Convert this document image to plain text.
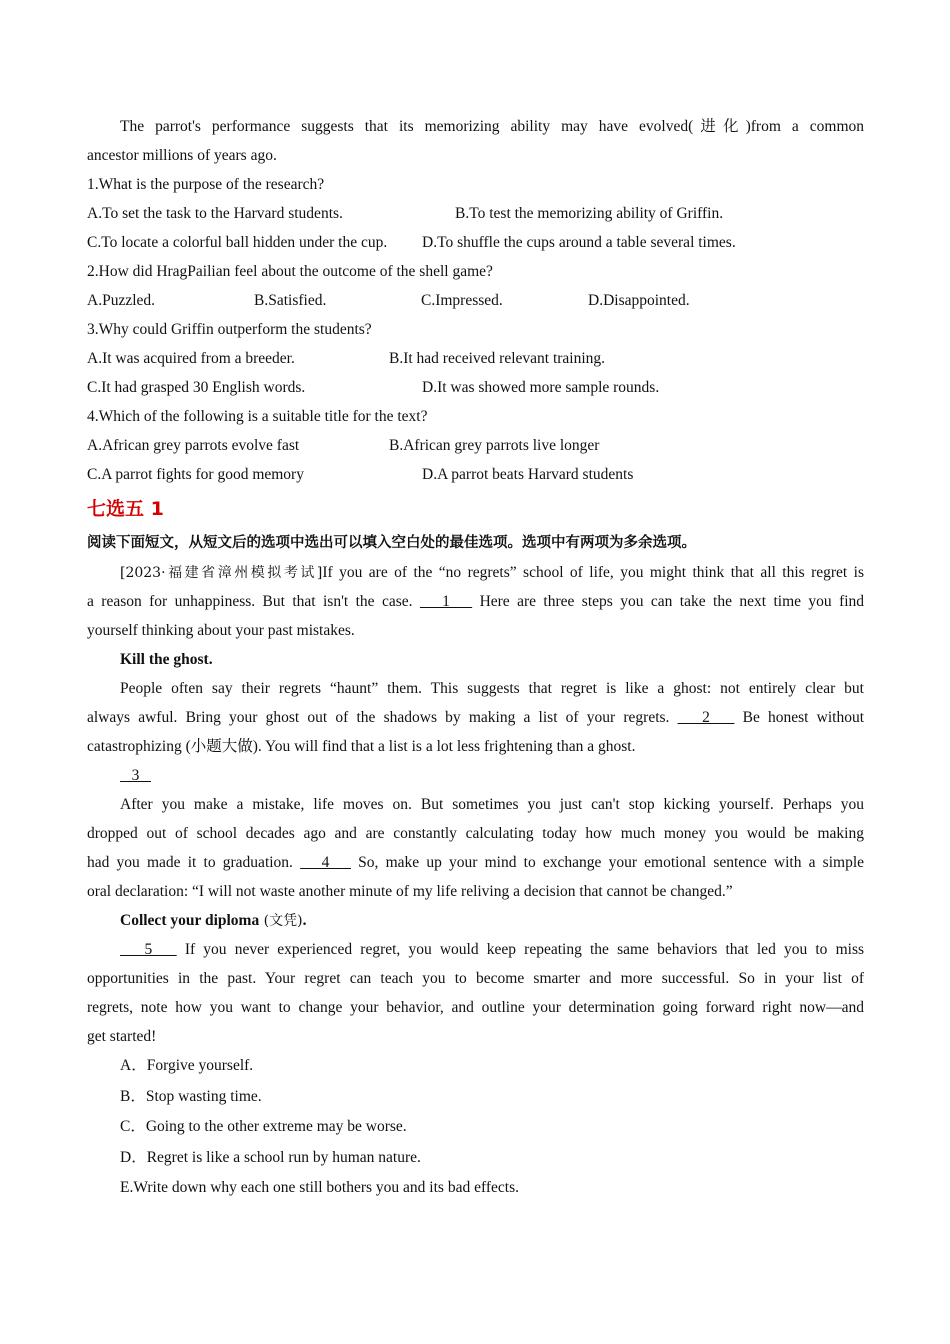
The parrot's performance suggests that its memorizing ability may have evolved(进化)from a common
ancestor millions of years ago.
1.What is the purpose of the research?
A.To set the task to the Harvard students.	B.To test the memorizing ability of Griffin.
C.To locate a colorful ball hidden under the cup.	D.To shuffle the cups around a table several times.
2.How did HragPailian feel about the outcome of the shell game?
A.Puzzled.	B.Satisfied.	C.Impressed.	D.Disappointed.
3.Why could Griffin outperform the students?
A.It was acquired from a breeder.	B.It had received relevant training.
C.It had grasped 30 English words.	D.It was showed more sample rounds.
4.Which of the following is a suitable title for the text?
A.African grey parrots evolve fast	B.African grey parrots live longer
C.A parrot fights for good memory	D.A parrot beats Harvard students
七选五 1
阅读下面短文，从短文后的选项中选出可以填入空白处的最佳选项。选项中有两项为多余选项。
[2023·福建省漳州模拟考试]If you are of the “no regrets” school of life, you might think that all this regret is
a reason for unhappiness. But that isn't the case.    1    Here are three steps you can take the next time you find
yourself thinking about your past mistakes.
Kill the ghost.
People often say their regrets “haunt” them. This suggests that regret is like a ghost: not entirely clear but
always awful. Bring your ghost out of the shadows by making a list of your regrets.    2    Be honest without
catastrophizing (小题大做). You will find that a list is a lot less frightening than a ghost.
3
After you make a mistake, life moves on. But sometimes you just can't stop kicking yourself. Perhaps you
dropped out of school decades ago and are constantly calculating today how much money you would be making
had you made it to graduation.    4    So, make up your mind to exchange your emotional sentence with a simple
oral declaration: “I will not waste another minute of my life reliving a decision that cannot be changed.”
Collect your diploma (文凭).
5    If you never experienced regret, you would keep repeating the same behaviors that led you to miss
opportunities in the past. Your regret can teach you to become smarter and more successful. So in your list of
regrets, note how you want to change your behavior, and outline your determination going forward right now—and
get started!
A．Forgive yourself.
B．Stop wasting time.
C．Going to the other extreme may be worse.
D．Regret is like a school run by human nature.
E.Write down why each one still bothers you and its bad effects.
